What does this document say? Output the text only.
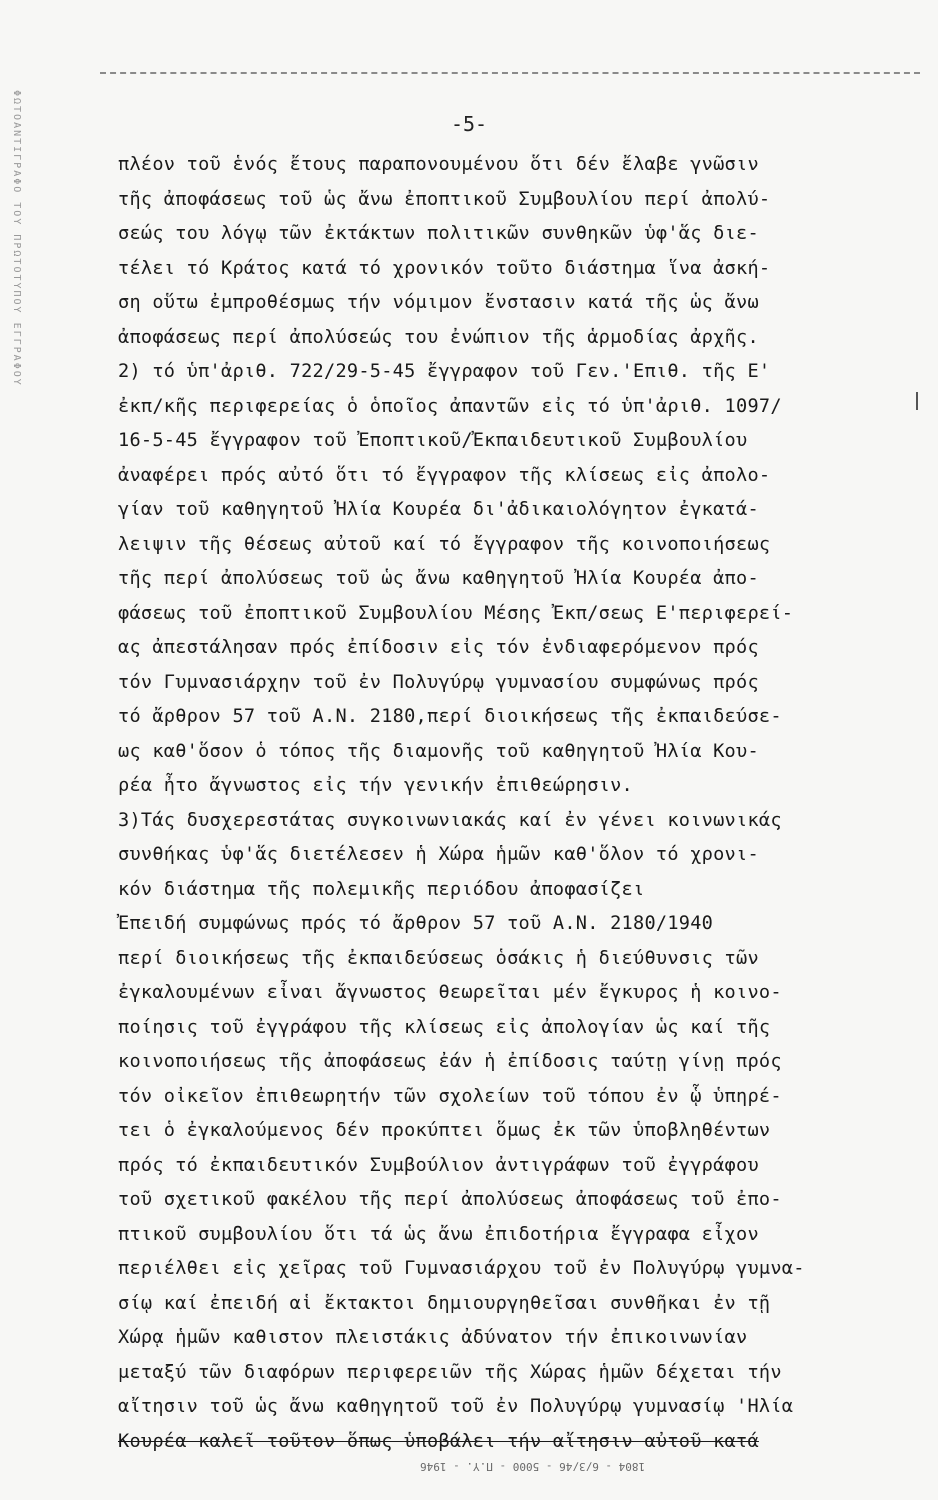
ΦΩΤΟΑΝΤΙΓΡΑΦΟ ΤΟΥ ΠΡΩΤΟΤΥΠΟΥ ΕΓΓΡΑΦΟΥ	-5-
πλέον τοῦ ἑνός ἔτους παραπονουμένου ὅτι δέν ἔλαβε γνῶσιν
τῆς ἀποφάσεως τοῦ ὡς ἄνω ἐποπτικοῦ Συμβουλίου περί ἀπολύ-
σεώς του λόγῳ τῶν ἐκτάκτων πολιτικῶν συνθηκῶν ὑφ'ἅς διε-
τέλει τό Κράτος κατά τό χρονικόν τοῦτο διάστημα ἵνα ἀσκή-
ση οὕτω ἐμπροθέσμως τήν νόμιμον ἔνστασιν κατά τῆς ὡς ἄνω
ἀποφάσεως περί ἀπολύσεώς του ἐνώπιον τῆς ἁρμοδίας ἀρχῆς.
2) τό ὑπ'ἀριθ. 722/29-5-45 ἔγγραφον τοῦ Γεν.'Επιθ. τῆς Ε'
ἐκπ/κῆς περιφερείας ὁ ὁποῖος ἀπαντῶν εἰς τό ὑπ'ἀριθ. 1097/
16-5-45 ἔγγραφον τοῦ Ἐποπτικοῦ/Ἐκπαιδευτικοῦ Συμβουλίου
ἀναφέρει πρός αὐτό ὅτι τό ἔγγραφον τῆς κλίσεως εἰς ἀπολο-
γίαν τοῦ καθηγητοῦ Ἠλία Κουρέα δι'ἀδικαιολόγητον ἐγκατά-
λειψιν τῆς θέσεως αὐτοῦ καί τό ἔγγραφον τῆς κοινοποιήσεως
τῆς περί ἀπολύσεως τοῦ ὡς ἄνω καθηγητοῦ Ἠλία Κουρέα ἀπο-
φάσεως τοῦ ἐποπτικοῦ Συμβουλίου Μέσης Ἐκπ/σεως Ε'περιφερεί-
ας ἀπεστάλησαν πρός ἐπίδοσιν εἰς τόν ἐνδιαφερόμενον πρός
τόν Γυμνασιάρχην τοῦ ἐν Πολυγύρῳ γυμνασίου συμφώνως πρός
τό ἄρθρον 57 τοῦ Α.Ν. 2180,περί διοικήσεως τῆς ἐκπαιδεύσε-
ως καθ'ὅσον ὁ τόπος τῆς διαμονῆς τοῦ καθηγητοῦ Ἠλία Κου-
ρέα ἦτο ἄγνωστος εἰς τήν γενικήν ἐπιθεώρησιν.
3)Τάς δυσχερεστάτας συγκοινωνιακάς καί ἐν γένει κοινωνικάς
συνθήκας ὑφ'ἅς διετέλεσεν ἡ Χώρα ἡμῶν καθ'ὅλον τό χρονι-
κόν διάστημα τῆς πολεμικῆς περιόδου ἀποφασίζει
Ἐπειδή συμφώνως πρός τό ἄρθρον 57 τοῦ Α.Ν. 2180/1940
περί διοικήσεως τῆς ἐκπαιδεύσεως ὁσάκις ἡ διεύθυνσις τῶν
ἐγκαλουμένων εἶναι ἄγνωστος θεωρεῖται μέν ἔγκυρος ἡ κοινο-
ποίησις τοῦ ἐγγράφου τῆς κλίσεως εἰς ἀπολογίαν ὡς καί τῆς
κοινοποιήσεως τῆς ἀποφάσεως ἐάν ἡ ἐπίδοσις ταύτῃ γίνῃ πρός
τόν οἰκεῖον ἐπιθεωρητήν τῶν σχολείων τοῦ τόπου ἐν ᾧ ὑπηρέ-
τει ὁ ἐγκαλούμενος δέν προκύπτει ὅμως ἐκ τῶν ὑποβληθέντων
πρός τό ἐκπαιδευτικόν Συμβούλιον ἀντιγράφων τοῦ ἐγγράφου
τοῦ σχετικοῦ φακέλου τῆς περί ἀπολύσεως ἀποφάσεως τοῦ ἐπο-
πτικοῦ συμβουλίου ὅτι τά ὡς ἄνω ἐπιδοτήρια ἔγγραφα εἶχον
περιέλθει εἰς χεῖρας τοῦ Γυμνασιάρχου τοῦ ἐν Πολυγύρῳ γυμνα-
σίῳ καί ἐπειδή αἱ ἔκτακτοι δημιουργηθεῖσαι συνθῆκαι ἐν τῇ
Χώρᾳ ἡμῶν καθιστον πλειστάκις ἀδύνατον τήν ἐπικοινωνίαν
μεταξύ τῶν διαφόρων περιφερειῶν τῆς Χώρας ἡμῶν δέχεται τήν
αἴτησιν τοῦ ὡς ἄνω καθηγητοῦ τοῦ ἐν Πολυγύρῳ γυμνασίῳ 'Ηλία
Κουρέα καλεῖ τοῦτον ὅπως ὑποβάλει τήν αἴτησιν αὐτοῦ κατά
1804 - 6/3/46 - 5000 - Π.Υ. - 1946
